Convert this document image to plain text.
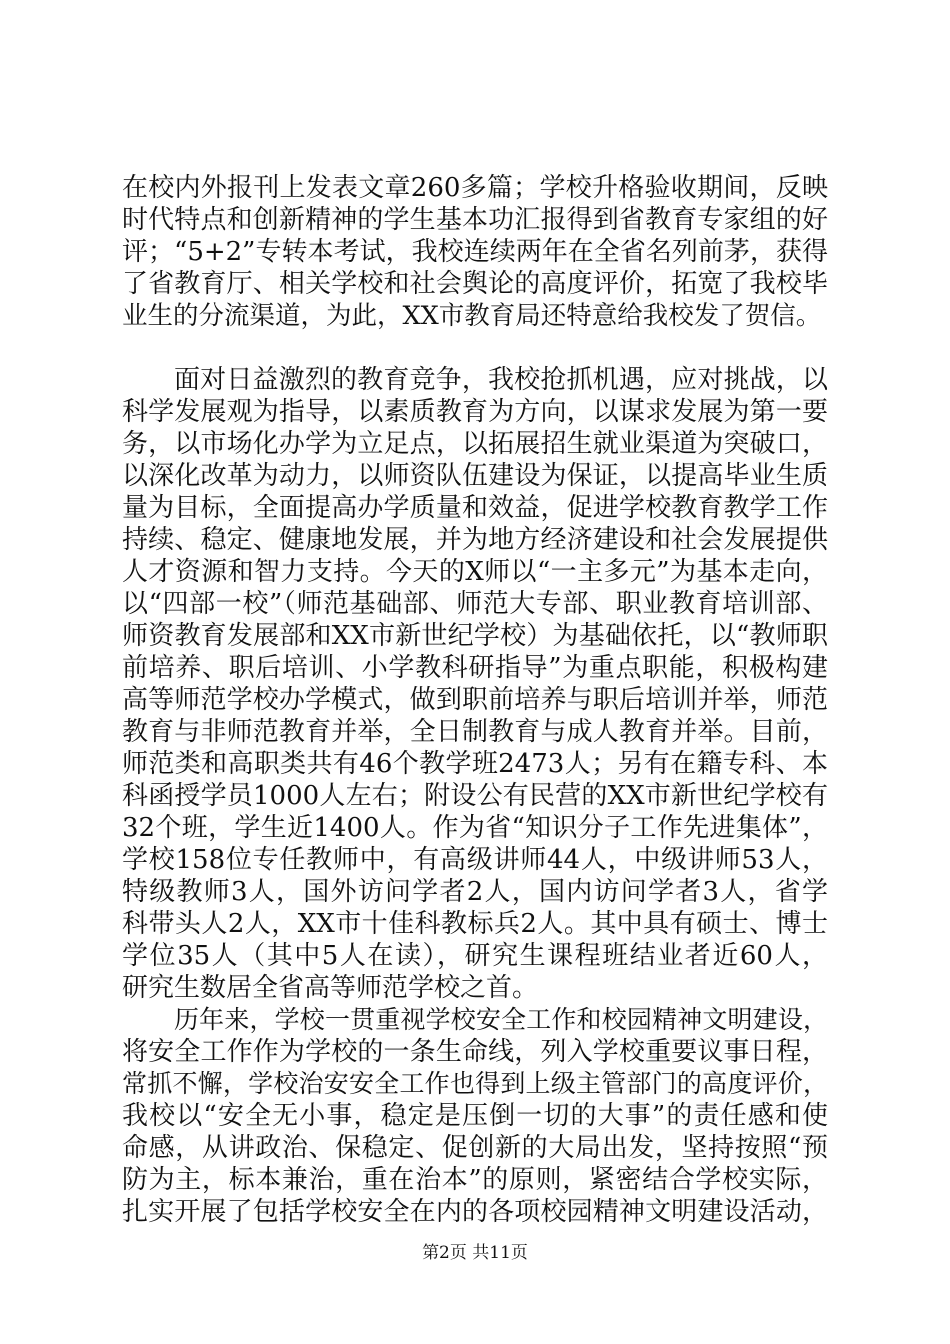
在校内外报刊上发表文章260多篇；学校升格验收期间，反映
时代特点和创新精神的学生基本功汇报得到省教育专家组的好
评；“5+2”专转本考试，我校连续两年在全省名列前茅，获得
了省教育厅、相关学校和社会舆论的高度评价，拓宽了我校毕
业生的分流渠道，为此，XX市教育局还特意给我校发了贺信。
面对日益激烈的教育竞争，我校抢抓机遇，应对挑战，以
科学发展观为指导，以素质教育为方向，以谋求发展为第一要
务，以市场化办学为立足点，以拓展招生就业渠道为突破口，
以深化改革为动力，以师资队伍建设为保证，以提高毕业生质
量为目标，全面提高办学质量和效益，促进学校教育教学工作
持续、稳定、健康地发展，并为地方经济建设和社会发展提供
人才资源和智力支持。今天的X师以“一主多元”为基本走向，
以“四部一校”（师范基础部、师范大专部、职业教育培训部、
师资教育发展部和XX市新世纪学校）为基础依托，以“教师职
前培养、职后培训、小学教科研指导”为重点职能，积极构建
高等师范学校办学模式，做到职前培养与职后培训并举，师范
教育与非师范教育并举，全日制教育与成人教育并举。目前，
师范类和高职类共有46个教学班2473人；另有在籍专科、本
科函授学员1000人左右；附设公有民营的XX市新世纪学校有
32个班，学生近1400人。作为省“知识分子工作先进集体”，
学校158位专任教师中，有高级讲师44人，中级讲师53人，
特级教师3人，国外访问学者2人，国内访问学者3人，省学
科带头人2人，XX市十佳科教标兵2人。其中具有硕士、博士
学位35人（其中5人在读），研究生课程班结业者近60人，
研究生数居全省高等师范学校之首。
历年来，学校一贯重视学校安全工作和校园精神文明建设，
将安全工作作为学校的一条生命线，列入学校重要议事日程，
常抓不懈，学校治安安全工作也得到上级主管部门的高度评价，
我校以“安全无小事，稳定是压倒一切的大事”的责任感和使
命感，从讲政治、保稳定、促创新的大局出发，坚持按照“预
防为主，标本兼治，重在治本”的原则，紧密结合学校实际，
扎实开展了包括学校安全在内的各项校园精神文明建设活动，
第2页 共11页
